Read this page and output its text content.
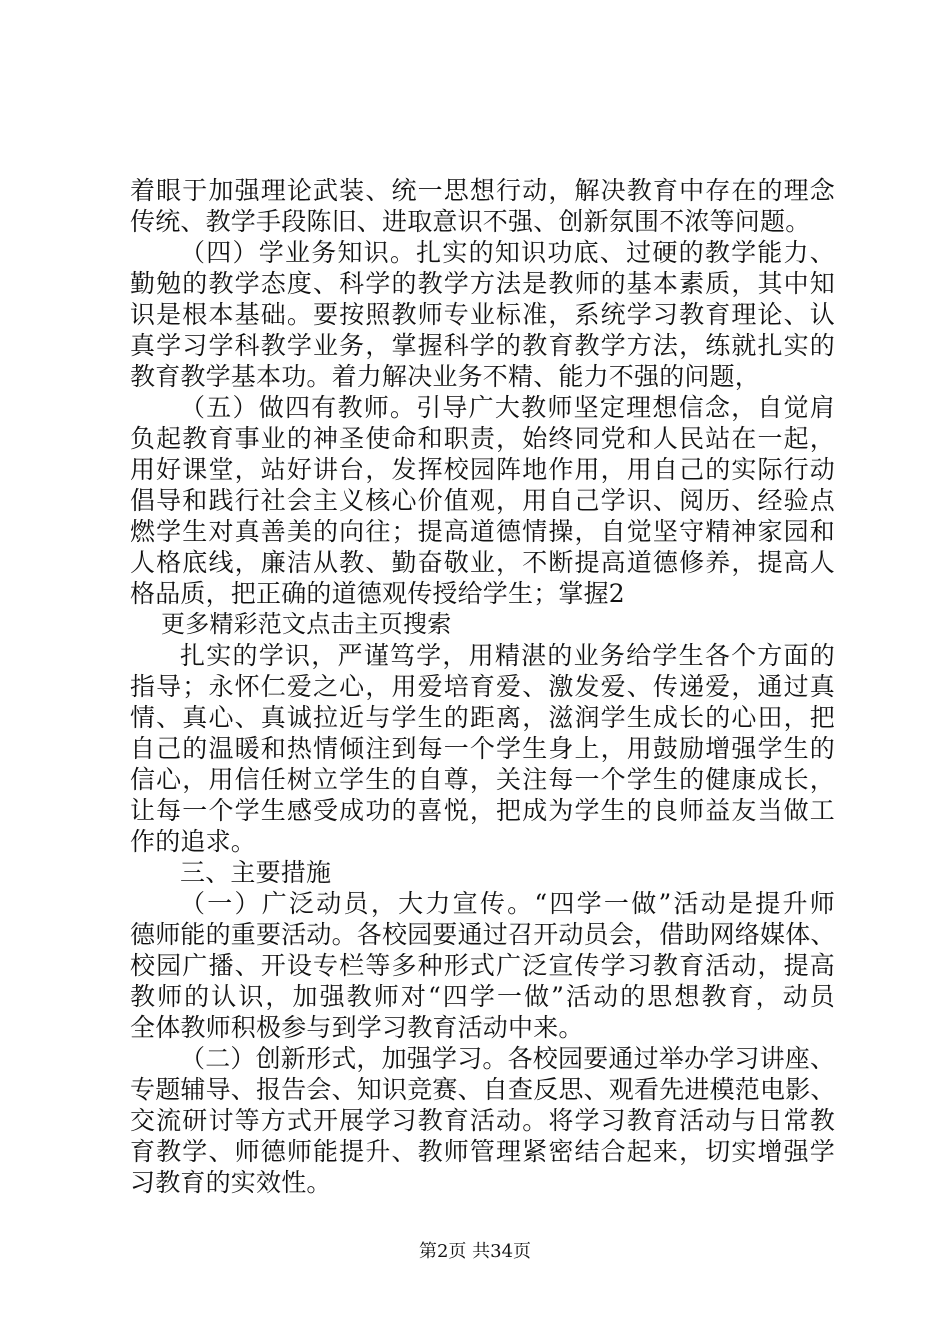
着眼于加强理论武装、统一思想行动，解决教育中存在的理念
传统、教学手段陈旧、进取意识不强、创新氛围不浓等问题。
（四）学业务知识。扎实的知识功底、过硬的教学能力、
勤勉的教学态度、科学的教学方法是教师的基本素质，其中知
识是根本基础。要按照教师专业标准，系统学习教育理论、认
真学习学科教学业务，掌握科学的教育教学方法，练就扎实的
教育教学基本功。着力解决业务不精、能力不强的问题，
（五）做四有教师。引导广大教师坚定理想信念，自觉肩
负起教育事业的神圣使命和职责，始终同党和人民站在一起，
用好课堂，站好讲台，发挥校园阵地作用，用自己的实际行动
倡导和践行社会主义核心价值观，用自己学识、阅历、经验点
燃学生对真善美的向往；提高道德情操，自觉坚守精神家园和
人格底线，廉洁从教、勤奋敬业，不断提高道德修养，提高人
格品质，把正确的道德观传授给学生；掌握2
更多精彩范文点击主页搜索
扎实的学识，严谨笃学，用精湛的业务给学生各个方面的
指导；永怀仁爱之心，用爱培育爱、激发爱、传递爱，通过真
情、真心、真诚拉近与学生的距离，滋润学生成长的心田，把
自己的温暖和热情倾注到每一个学生身上，用鼓励增强学生的
信心，用信任树立学生的自尊，关注每一个学生的健康成长，
让每一个学生感受成功的喜悦，把成为学生的良师益友当做工
作的追求。
三、主要措施
（一）广泛动员，大力宣传。“四学一做”活动是提升师
德师能的重要活动。各校园要通过召开动员会，借助网络媒体、
校园广播、开设专栏等多种形式广泛宣传学习教育活动，提高
教师的认识，加强教师对“四学一做”活动的思想教育，动员
全体教师积极参与到学习教育活动中来。
（二）创新形式，加强学习。各校园要通过举办学习讲座、
专题辅导、报告会、知识竞赛、自查反思、观看先进模范电影、
交流研讨等方式开展学习教育活动。将学习教育活动与日常教
育教学、师德师能提升、教师管理紧密结合起来，切实增强学
习教育的实效性。
第2页 共34页
